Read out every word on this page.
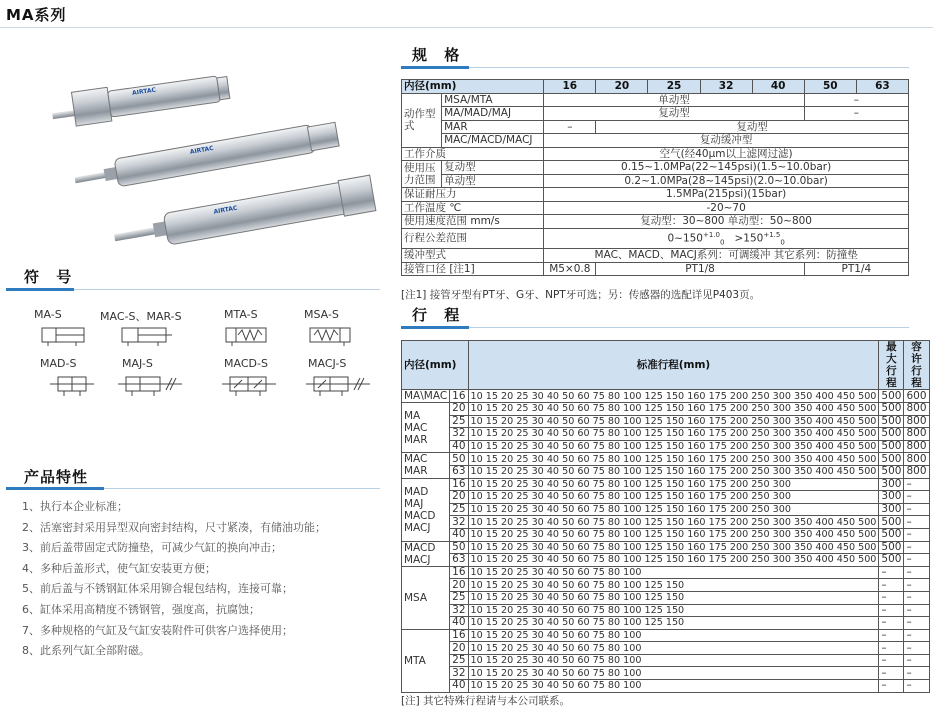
MA系列
AIRTAC
AIRTAC
AIRTAC
符 号
MA-S	MAC-S、MAR-S	MTA-S	MSA-S
MAD-S	MAJ-S	MACD-S	MACJ-S
产品特性
1、执行本企业标准；
2、活塞密封采用异型双向密封结构，尺寸紧凑，有储油功能；
3、前后盖带固定式防撞垫，可减少气缸的换向冲击；
4、多种后盖形式，使气缸安装更方便；
5、前后盖与不锈钢缸体采用铆合辊包结构，连接可靠；
6、缸体采用高精度不锈钢管，强度高，抗腐蚀；
7、多种规格的气缸及气缸安装附件可供客户选择使用；
8、此系列气缸全部附磁。
规 格
内径(mm)		16	20	25	32	40	50	63
动作型式	MSA/MTA	单动型					–	
	MA/MAD/MAJ	复动型					–	
	MAR	–	复动型					
	MAC/MACD/MACJ	复动缓冲型						
工作介质		空气(经40μm以上滤网过滤)						
使用压力范围	复动型	0.15~1.0MPa(22~145psi)(1.5~10.0bar)						
	单动型	0.2~1.0MPa(28~145psi)(2.0~10.0bar)						
保证耐压力		1.5MPa(215psi)(15bar)						
工作温度 ℃		-20~70						
使用速度范围 mm/s		复动型：30~800 单动型：50~800						
行程公差范围		$0\sim 150^{+1.0}_0 >150^{+1.5}_0$
缓冲型式		MAC、MACD、MACJ系列：可调缓冲 其它系列：防撞垫						
接管口径 [注1]		M5×0.8	PT1/8				PT1/4	
[注1] 接管牙型有PT牙、G牙、NPT牙可选；另：传感器的选配详见P403页。
行 程
内径(mm)		标准行程(mm)	最大行程	容许行程
MA\MAC	16	10 15 20 25 30 40 50 60 75 80 100 125 150 160 175 200 250 300 350 400 450 500	500	600
MA
MAC
MAR	20	10 15 20 25 30 40 50 60 75 80 100 125 150 160 175 200 250 300 350 400 450 500	500	800
	25	10 15 20 25 30 40 50 60 75 80 100 125 150 160 175 200 250 300 350 400 450 500	500	800
	32	10 15 20 25 30 40 50 60 75 80 100 125 150 160 175 200 250 300 350 400 450 500	500	800
	40	10 15 20 25 30 40 50 60 75 80 100 125 150 160 175 200 250 300 350 400 450 500	500	800
MAC
MAR	50	10 15 20 25 30 40 50 60 75 80 100 125 150 160 175 200 250 300 350 400 450 500	500	800
	63	10 15 20 25 30 40 50 60 75 80 100 125 150 160 175 200 250 300 350 400 450 500	500	800
MAD
MAJ
MACD
MACJ	16	10 15 20 25 30 40 50 60 75 80 100 125 150 160 175 200 250 300	300	–
	20	10 15 20 25 30 40 50 60 75 80 100 125 150 160 175 200 250 300	300	–
	25	10 15 20 25 30 40 50 60 75 80 100 125 150 160 175 200 250 300	300	–
	32	10 15 20 25 30 40 50 60 75 80 100 125 150 160 175 200 250 300 350 400 450 500	500	–
	40	10 15 20 25 30 40 50 60 75 80 100 125 150 160 175 200 250 300 350 400 450 500	500	–
MACD
MACJ	50	10 15 20 25 30 40 50 60 75 80 100 125 150 160 175 200 250 300 350 400 450 500	500	–
	63	10 15 20 25 30 40 50 60 75 80 100 125 150 160 175 200 250 300 350 400 450 500	500	–
MSA	16	10 15 20 25 30 40 50 60 75 80 100	–	–
	20	10 15 20 25 30 40 50 60 75 80 100 125 150	–	–
	25	10 15 20 25 30 40 50 60 75 80 100 125 150	–	–
	32	10 15 20 25 30 40 50 60 75 80 100 125 150	–	–
	40	10 15 20 25 30 40 50 60 75 80 100 125 150	–	–
MTA	16	10 15 20 25 30 40 50 60 75 80 100	–	–
	20	10 15 20 25 30 40 50 60 75 80 100	–	–
	25	10 15 20 25 30 40 50 60 75 80 100	–	–
	32	10 15 20 25 30 40 50 60 75 80 100	–	–
	40	10 15 20 25 30 40 50 60 75 80 100	–	–
[注] 其它特殊行程请与本公司联系。
